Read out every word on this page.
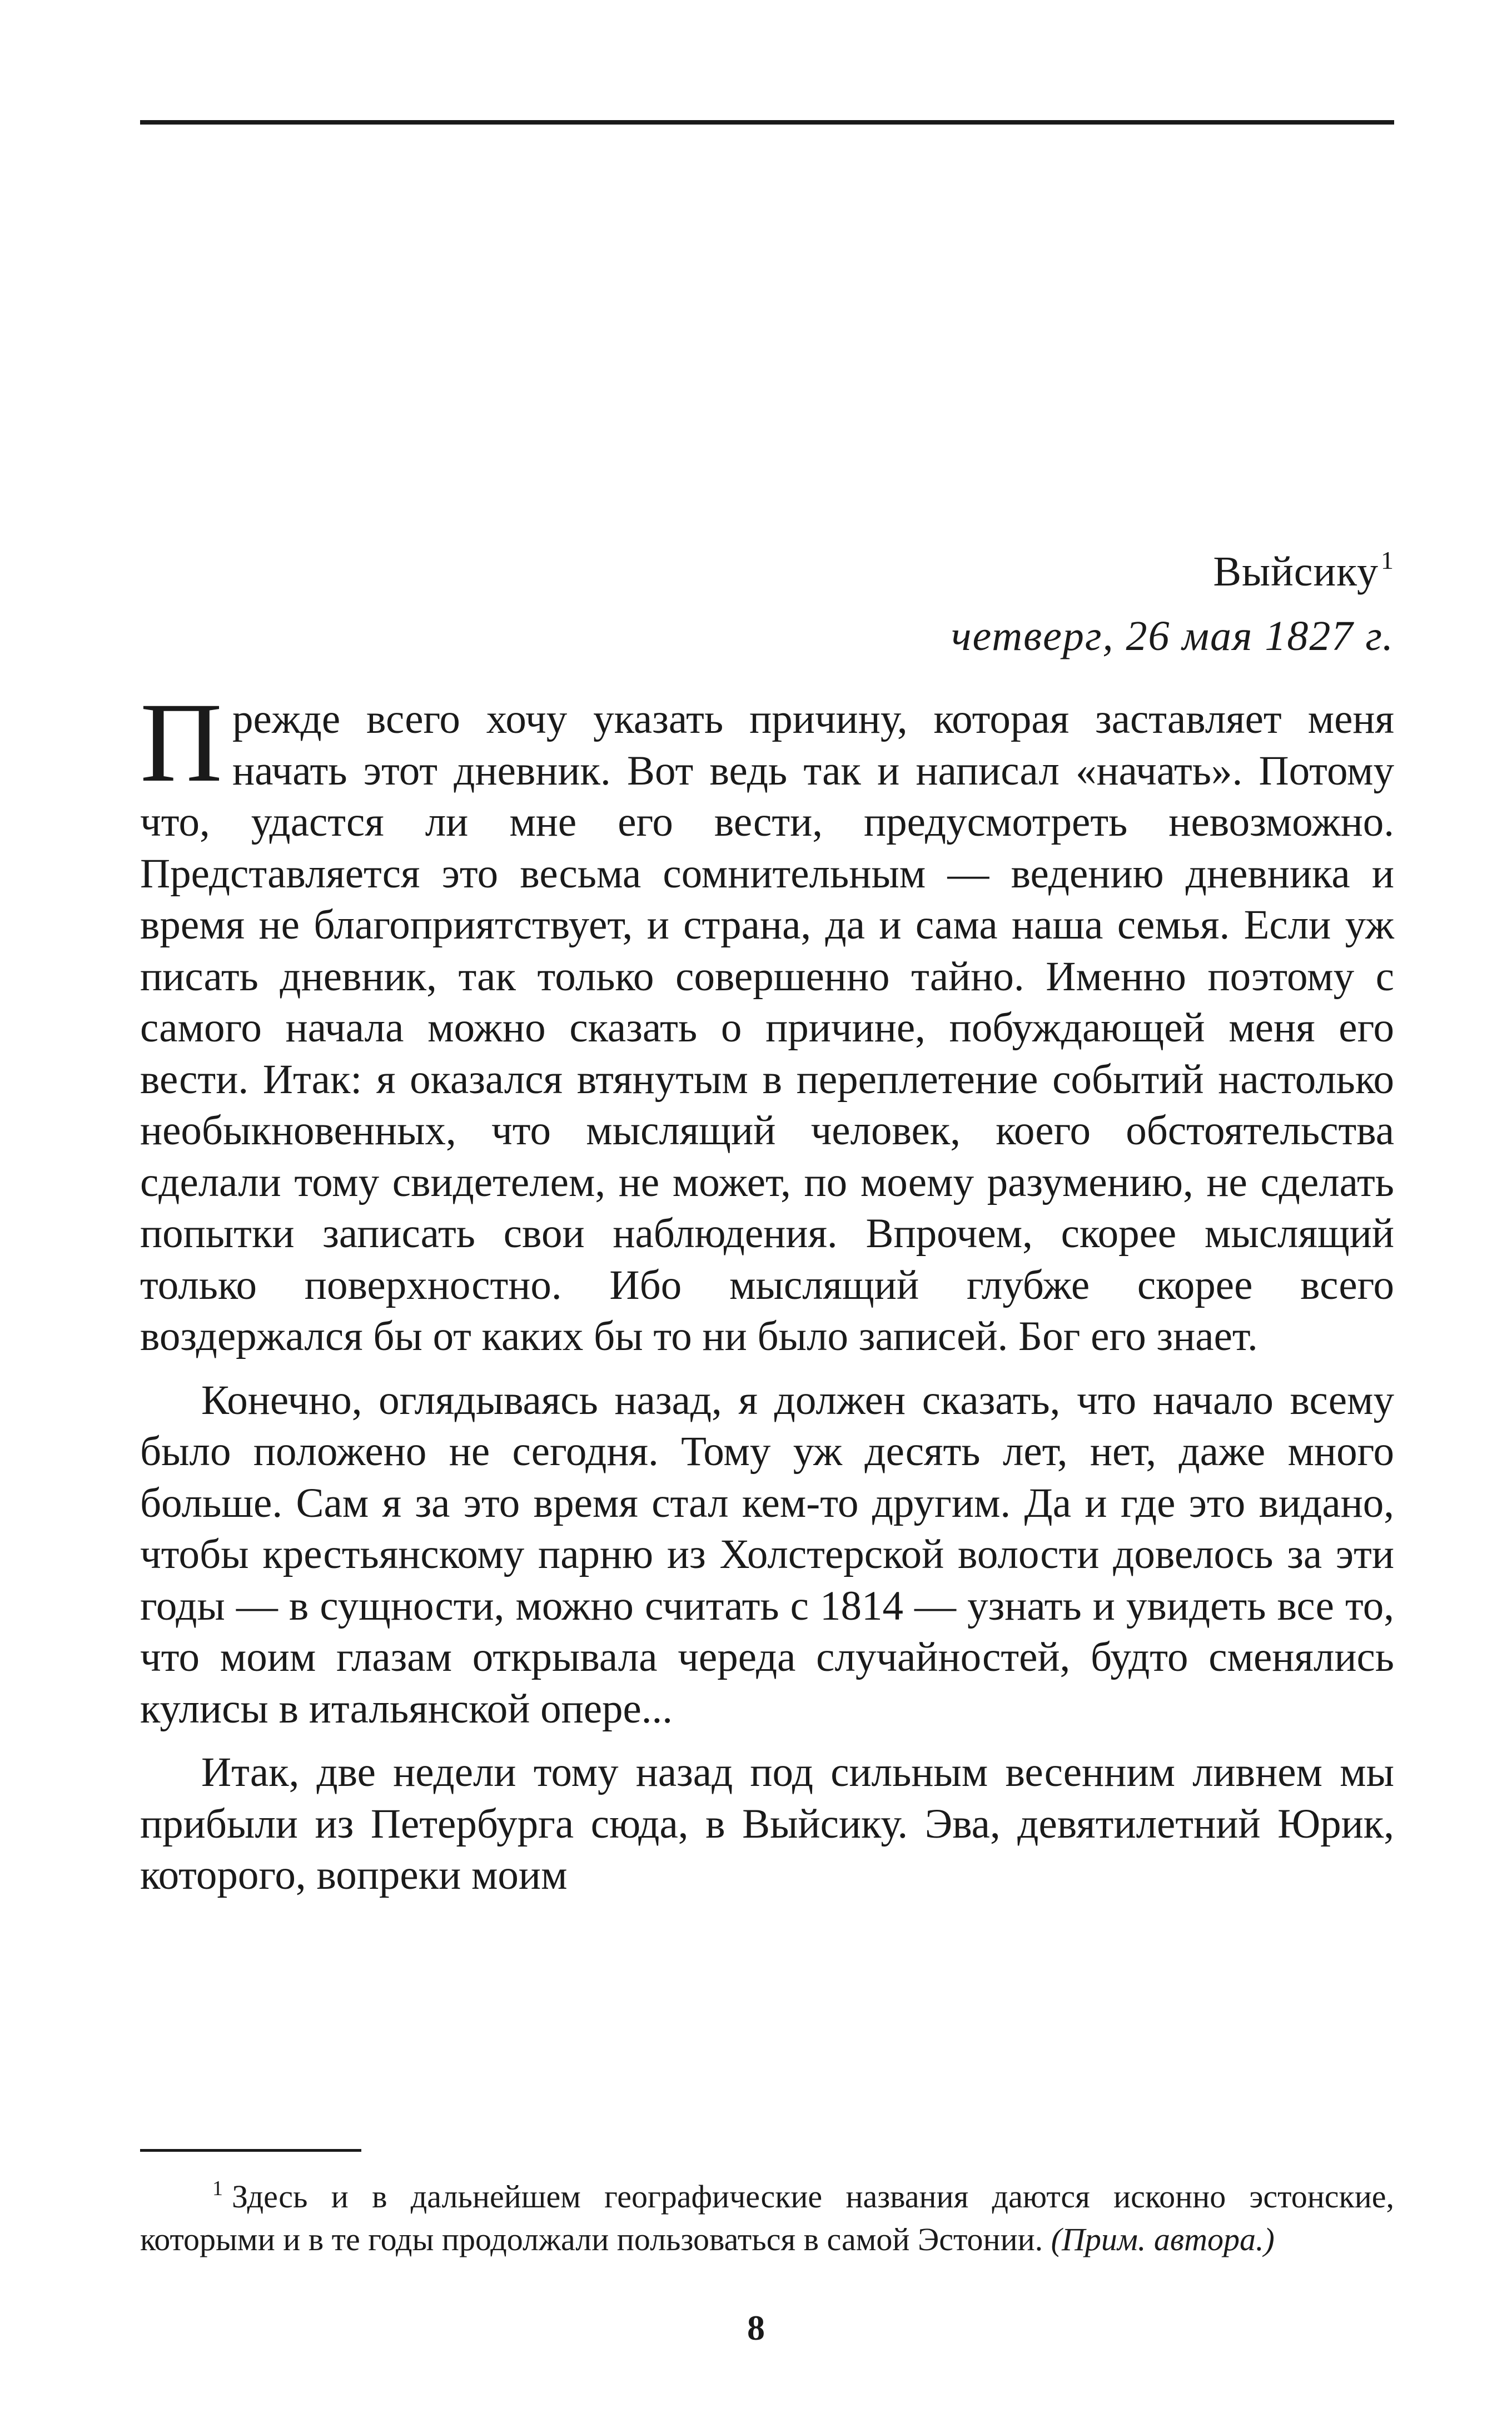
Выйсику$^1$
четверг, 26 мая 1827 г.

Прежде всего хочу указать причину, которая заставляет меня начать этот дневник. Вот ведь так и написал «начать». Потому что, удастся ли мне его вести, предусмотреть невозможно. Представляется это весьма сомнительным — ведению дневника и время не благоприятствует, и страна, да и сама наша семья. Если уж писать дневник, так только совершенно тайно. Именно поэтому с самого начала можно сказать о причине, побуждающей меня его вести. Итак: я оказался втянутым в переплетение событий настолько необыкновенных, что мыслящий человек, коего обстоятельства сделали тому свидетелем, не может, по моему разумению, не сделать попытки записать свои наблюдения. Впрочем, скорее мыслящий только поверхностно. Ибо мыслящий глубже скорее всего воздержался бы от каких бы то ни было записей. Бог его знает.

Конечно, оглядываясь назад, я должен сказать, что начало всему было положено не сегодня. Тому уж десять лет, нет, даже много больше. Сам я за это время стал кем-то другим. Да и где это видано, чтобы крестьянскому парню из Холстерской волости довелось за эти годы — в сущности, можно считать с 1814 — узнать и увидеть все то, что моим глазам открывала череда случайностей, будто сменялись кулисы в итальянской опере...

Итак, две недели тому назад под сильным весенним ливнем мы прибыли из Петербурга сюда, в Выйсику. Эва, девятилетний Юрик, которого, вопреки моим

$^1$ Здесь и в дальнейшем географические названия даются исконно эстонские, которыми и в те годы продолжали пользоваться в самой Эстонии. (Прим. автора.)
8
